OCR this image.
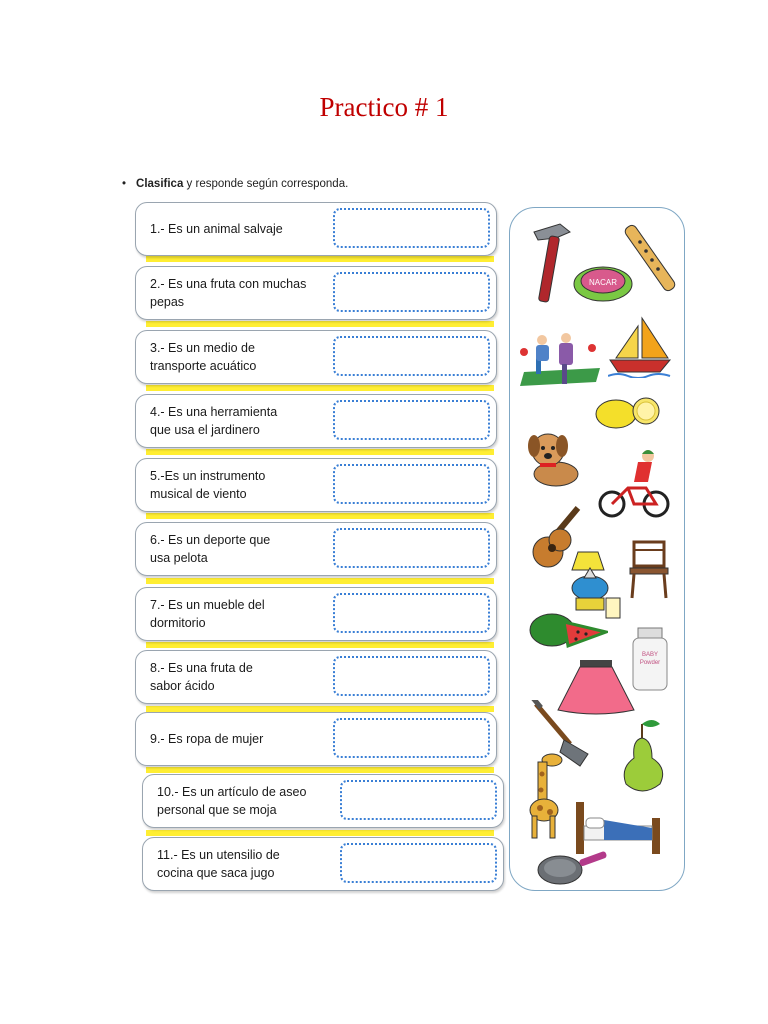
Practico # 1
• Clasifica y responde según corresponda.
1.- Es un animal salvaje
2.- Es una fruta con muchas
pepas
3.- Es un medio de
transporte acuático
4.- Es una herramienta
que usa el jardinero
5.-Es un instrumento
musical de viento
6.- Es un deporte que
usa pelota
7.- Es un mueble del
dormitorio
8.- Es una fruta de
sabor ácido
9.- Es ropa de mujer
10.- Es un artículo de aseo
personal que se moja
11.- Es un utensilio de
cocina que saca jugo
NACAR
BABY
Powder
